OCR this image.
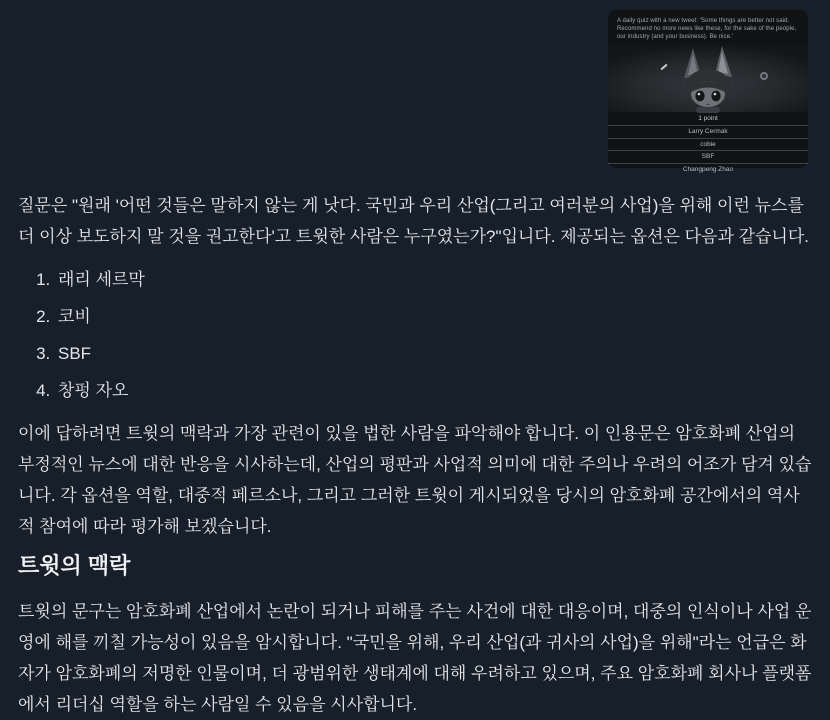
A daily quiz with a new tweet: 'Some things are better not said. Recommend no more news like these, for the sake of the people, our industry (and your business). Be nice.'
1 point
Larry Cermak
cobie
SBF
Changpeng Zhao

질문은 "원래 '어떤 것들은 말하지 않는 게 낫다. 국민과 우리 산업(그리고 여러분의 사업)을 위해 이런 뉴스를 더 이상 보도하지 말 것을 권고한다'고 트윗한 사람은 누구였는가?"입니다. 제공되는 옵션은 다음과 같습니다.

1. 래리 세르막
2. 코비
3. SBF
4. 창펑 자오

이에 답하려면 트윗의 맥락과 가장 관련이 있을 법한 사람을 파악해야 합니다. 이 인용문은 암호화폐 산업의 부정적인 뉴스에 대한 반응을 시사하는데, 산업의 평판과 사업적 의미에 대한 주의나 우려의 어조가 담겨 있습니다. 각 옵션을 역할, 대중적 페르소나, 그리고 그러한 트윗이 게시되었을 당시의 암호화폐 공간에서의 역사적 참여에 따라 평가해 보겠습니다.

트윗의 맥락

트윗의 문구는 암호화폐 산업에서 논란이 되거나 피해를 주는 사건에 대한 대응이며, 대중의 인식이나 사업 운영에 해를 끼칠 가능성이 있음을 암시합니다. "국민을 위해, 우리 산업(과 귀사의 사업)을 위해"라는 언급은 화자가 암호화폐의 저명한 인물이며, 더 광범위한 생태계에 대해 우려하고 있으며, 주요 암호화폐 회사나 플랫폼에서 리더십 역할을 하는 사람일 수 있음을 시사합니다.
